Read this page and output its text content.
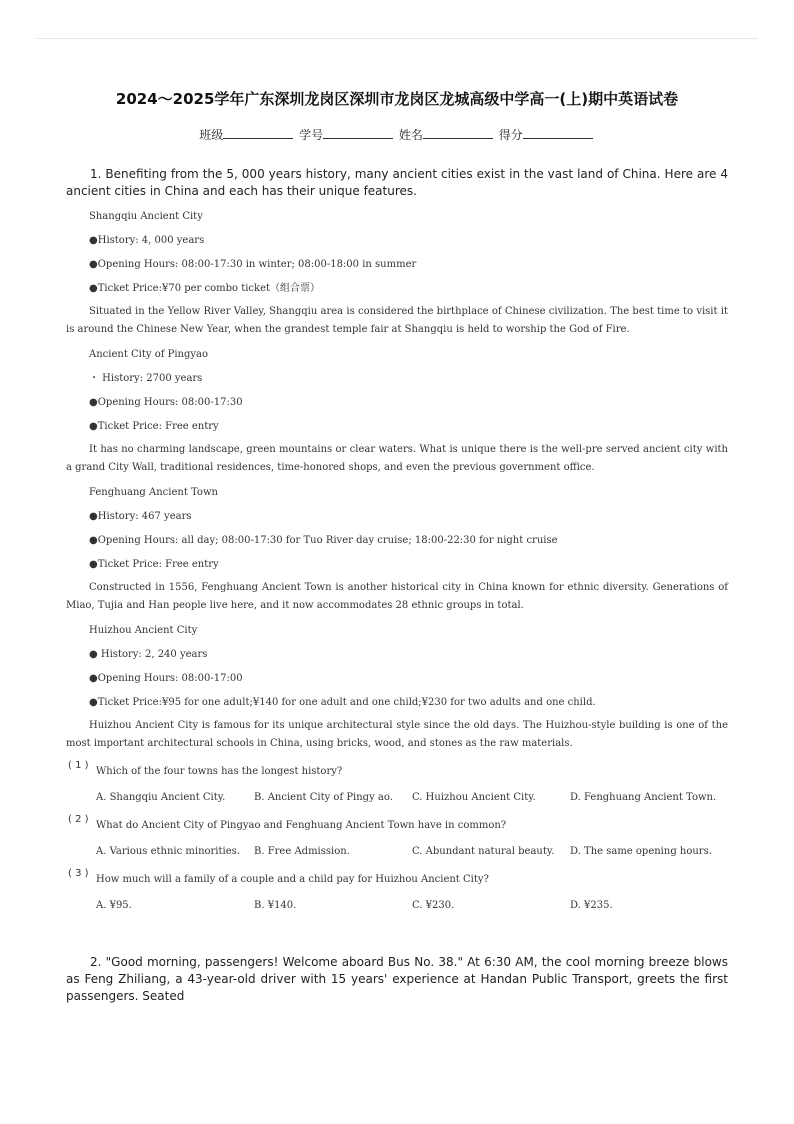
2024～2025学年广东深圳龙岗区深圳市龙岗区龙城高级中学高一(上)期中英语试卷
班级	学号	姓名	得分
1. Benefiting from the 5, 000 years history, many ancient cities exist in the vast land of China. Here are 4 ancient cities in China and each has their unique features.
Shangqiu Ancient City
●History: 4, 000 years
●Opening Hours: 08:00-17:30 in winter; 08:00-18:00 in summer
●Ticket Price:¥70 per combo ticket（组合票）
Situated in the Yellow River Valley, Shangqiu area is considered the birthplace of Chinese civilization. The best time to visit it is around the Chinese New Year, when the grandest temple fair at Shangqiu is held to worship the God of Fire.
Ancient City of Pingyao
・ History: 2700 years
●Opening Hours: 08:00-17:30
●Ticket Price: Free entry
It has no charming landscape, green mountains or clear waters. What is unique there is the well-pre served ancient city with a grand City Wall, traditional residences, time-honored shops, and even the previous government office.
Fenghuang Ancient Town
●History: 467 years
●Opening Hours: all day; 08:00-17:30 for Tuo River day cruise; 18:00-22:30 for night cruise
●Ticket Price: Free entry
Constructed in 1556, Fenghuang Ancient Town is another historical city in China known for ethnic diversity. Generations of Miao, Tujia and Han people live here, and it now accommodates 28 ethnic groups in total.
Huizhou Ancient City
● History: 2, 240 years
●Opening Hours: 08:00-17:00
●Ticket Price:¥95 for one adult;¥140 for one adult and one child;¥230 for two adults and one child.
Huizhou Ancient City is famous for its unique architectural style since the old days. The Huizhou-style building is one of the most important architectural schools in China, using bricks, wood, and stones as the raw materials.
( 1 )
Which of the four towns has the longest history?
A. Shangqiu Ancient City.	B. Ancient City of Pingy ao.	C. Huizhou Ancient City.	D. Fenghuang Ancient Town.
( 2 )
What do Ancient City of Pingyao and Fenghuang Ancient Town have in common?
A. Various ethnic minorities.	B. Free Admission.	C. Abundant natural beauty.	D. The same opening hours.
( 3 )
How much will a family of a couple and a child pay for Huizhou Ancient City?
A. ¥95.	B. ¥140.	C. ¥230.	D. ¥235.
2. "Good morning, passengers! Welcome aboard Bus No. 38." At 6:30 AM, the cool morning breeze blows as Feng Zhiliang, a 43-year-old driver with 15 years' experience at Handan Public Transport, greets the first passengers. Seated
